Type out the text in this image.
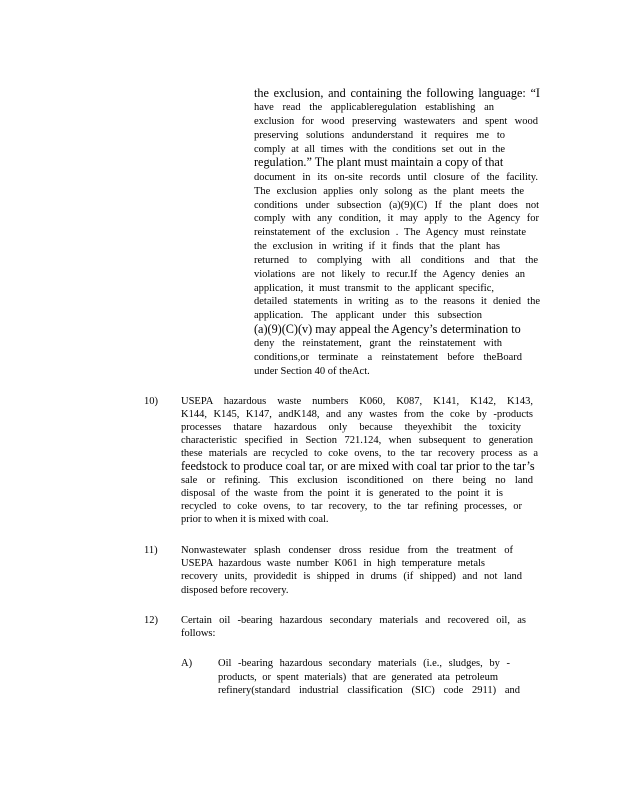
the exclusion, and containing the following language: “I
have read the applicableregulation establishing an
exclusion for wood preserving wastewaters and spent wood
preserving solutions andunderstand it requires me to
comply at all times with the conditions set out in the
regulation.” The plant must maintain a copy of that
document in its on-site records until closure of the facility.
The exclusion applies only solong as the plant meets the
conditions under subsection (a)(9)(C) If the plant does not
comply with any condition, it may apply to the Agency for
reinstatement of the exclusion . The Agency must reinstate
the exclusion in writing if it finds that the plant has
returned to complying with all conditions and that the
violations are not likely to recur.If the Agency denies an
application, it must transmit to the applicant specific,
detailed statements in writing as to the reasons it denied the
application. The applicant under this subsection
(a)(9)(C)(v) may appeal the Agency’s determination to
deny the reinstatement, grant the reinstatement with
conditions,or terminate a reinstatement before theBoard
under Section 40 of theAct.
10) USEPA hazardous waste numbers K060, K087, K141, K142, K143,
K144, K145, K147, andK148, and any wastes from the coke by -products
processes thatare hazardous only because theyexhibit the toxicity
characteristic specified in Section 721.124, when subsequent to generation
these materials are recycled to coke ovens, to the tar recovery process as a
feedstock to produce coal tar, or are mixed with coal tar prior to the tar’s
sale or refining. This exclusion isconditioned on there being no land
disposal of the waste from the point it is generated to the point it is
recycled to coke ovens, to tar recovery, to the tar refining processes, or
prior to when it is mixed with coal.
11) Nonwastewater splash condenser dross residue from the treatment of
USEPA hazardous waste number K061 in high temperature metals
recovery units, providedit is shipped in drums (if shipped) and not land
disposed before recovery.
12) Certain oil -bearing hazardous secondary materials and recovered oil, as
follows:
A) Oil -bearing hazardous secondary materials (i.e., sludges, by -
products, or spent materials) that are generated ata petroleum
refinery(standard industrial classification (SIC) code 2911) and
